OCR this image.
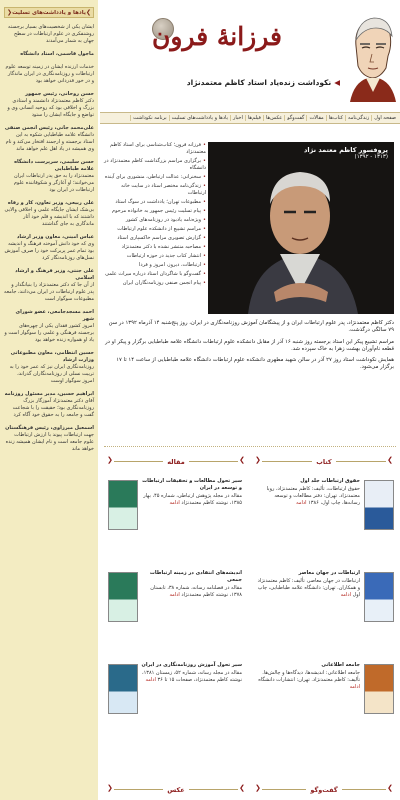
❮ یادها و یادداشت‌های تسلیت ❯
ایشان یکی از شخصیت‌های بسیار برجسته روشنفکری در علوم ارتباطات در سطح جهان به شمار می‌آمدند
ماجول قاسمی، استاد دانشگاه
خدمات ارزنده ایشان در زمینه توسعه علوم ارتباطات و روزنامه‌نگاری در ایران ماندگار و در خور قدردانی خواهد بود
حسن روحانی، رئیس جمهور
دکتر کاظم معتمدنژاد دانشمند و استادی بزرگ و اخلاقی بود که روحیه انسانی وی و تواضع و جایگاه ایشان را ستود
علی‌محمد جانی، رئیس انجمن صنفی
دانشگاه علامه طباطبایی شکوه به این استاد برجسته و ارجمند افتخار می‌کند و نام وی همیشه در یاد اهل علم خواهد ماند
حسن سلیمی، سرپرست دانشگاه علامه طباطبایی
معتمدنژاد را به حق پدر ارتباطات ایران می‌خوانند؛ او آغازگر و شکوفاننده علوم ارتباطات در ایران بود
علی ربیعی، وزیر تعاون، کار و رفاه
بی‌شک ایشان جایگاه علمی و اخلاقی والایی داشتند که با اندیشه و قلم خود آثار ماندگاری به جای گذاشتند
عباس امینی، معاون وزیر ارشاد
وی که خود دانش آموخته فرهنگ و اندیشه بود تمام عمر پربرکت خود را صرف آموزش نسل‌های روزنامه‌نگار کرد
علی جنتی، وزیر فرهنگ و ارشاد اسلامی
از آن جا که دکتر معتمدنژاد را بنیانگذار و پدر علوم ارتباطات در ایران می‌دانند، جامعه مطبوعات سوگوار است
احمد مسجدجامعی، عضو شورای شهر
امروز کشور فقدان یکی از چهره‌های برجسته فرهنگی و علمی را سوگوار است و یاد او همواره زنده خواهد بود
حسین انتظامی، معاون مطبوعاتی وزارت ارشاد
روزنامه‌نگاری ایران نیز که عمر خود را به تربیت نسلی از روزنامه‌نگاران گذراند، امروز سوگوار اوست
ابراهیم حسین، مدیر مسئول روزنامه
آقای دکتر معتمدنژاد آموزگار بزرگ روزنامه‌نگاری بود؛ حقیقت را با شجاعت گفت و جامعه را به حقوق خود آگاه کرد
اسمعیل میرزاوی، رئیس فرهنگستان
جهت ارتباطات پیوند با ارزش ارتباطات علوم جامعه است و نام ایشان همیشه زنده خواهد ماند
فرزانهٔ فرون
◀نکوداشت زنده‌یاد استاد کاظم معتمدنژاد
صفحه اول
زندگی‌نامه
کتاب‌ها
مقالات
گفت‌وگو
عکس‌ها
فیلم‌ها
اخبار
یادها و یادداشت‌های تسلیت
برنامه نکوداشت
پروفسور کاظم معتمد نژاد
(۱۳۱۳ - ۱۳۹۲)
• فرزانه فرون؛ کتاب‌شناسی برای استاد کاظم معتمدنژاد
• برگزاری مراسم بزرگداشت کاظم معتمدنژاد در دانشگاه
• سخنرانی: عدالت ارتباطی، منشوری برای آینده
• زندگی‌نامه مختصر استاد در سایت خانه ارتباطات
• مطبوعات تهران؛ یادداشت در سوگ استاد
• پیام تسلیت رئیس جمهور به خانواده مرحوم
• ویژه‌نامه یادبود در روزنامه‌های کشور
• مراسم تشییع از دانشکده علوم ارتباطات
• گزارش تصویری مراسم خاکسپاری استاد
• مصاحبه منتشر نشده با دکتر معتمدنژاد
• انتشار کتاب جدید در حوزه ارتباطات
• ارتباطات، دیروز، امروز و فردا
• گفت‌وگو با شاگردان استاد درباره میراث علمی
• پیام انجمن صنفی روزنامه‌نگاران ایران

دکتر کاظم معتمدنژاد، پدر علوم ارتباطات ایران و از پیشگامان آموزش روزنامه‌نگاری در ایران، روز پنج‌شنبه ۱۴ آذرماه ۱۳۹۲ در سن ۷۹ سالگی درگذشت.

مراسم تشییع پیکر این استاد برجسته روز شنبه ۱۶ آذر از مقابل دانشکده علوم ارتباطات دانشگاه علامه طباطبایی برگزار و پیکر او در قطعه نام‌آوران بهشت زهرا به خاک سپرده شد.

همایش نکوداشت استاد روز ۲۷ آذر در سالن شهید مطهری دانشکده علوم ارتباطات دانشگاه علامه طباطبایی از ساعت ۱۴ تا ۱۷ برگزار می‌شود.

❮	کتاب	❯
❮	مقاله	❯
حقوق ارتباطات جلد اول
حقوق ارتباطات، تألیف: کاظم معتمدنژاد، رویا معتمدنژاد. تهران: دفتر مطالعات و توسعه رسانه‌ها، چاپ اول، ۱۳۸۶ ادامه
ارتباطات در جهان معاصر
ارتباطات در جهان معاصر، تألیف: کاظم معتمدنژاد و همکاران. تهران: دانشگاه علامه طباطبایی، چاپ اول ادامه
جامعه اطلاعاتی
جامعه اطلاعاتی: اندیشه‌ها، دیدگاه‌ها و چالش‌ها. تألیف: کاظم معتمدنژاد. تهران: انتشارات دانشگاه ادامه
سیر تحول مطالعات و تحقیقات ارتباطات و توسعه در ایران
مقاله در مجله پژوهش ارتباطی، شماره ۴۵، بهار ۱۳۸۵، نوشته کاظم معتمدنژاد ادامه
اندیشه‌های انتقادی در زمینه ارتباطات جمعی
مقاله در فصلنامه رسانه، شماره ۳۸، تابستان ۱۳۷۸، نوشته کاظم معتمدنژاد ادامه
سیر تحول آموزش روزنامه‌نگاری در ایران
مقاله در مجله رسانه، شماره ۵۲، زمستان ۱۳۸۱، نوشته کاظم معتمدنژاد، صفحات ۱۵ تا ۳۶ ادامه
❮	عکس	❯ ❮	گفت‌وگو	❯
